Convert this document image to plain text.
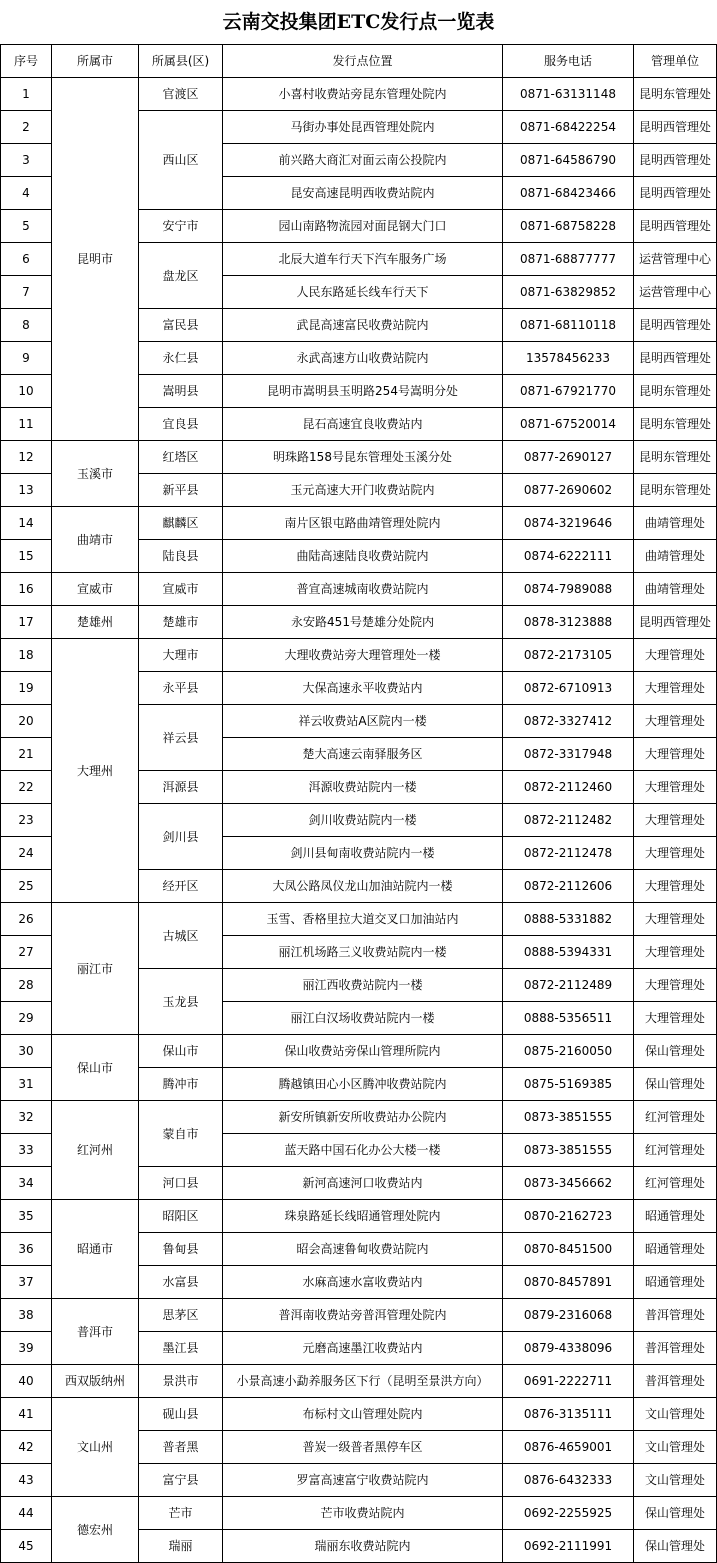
云南交投集团ETC发行点一览表
序号	所属市	所属县(区)	发行点位置	服务电话	管理单位
1	昆明市	官渡区	小喜村收费站旁昆东管理处院内	0871-63131148	昆明东管理处
2		西山区	马街办事处昆西管理处院内	0871-68422254	昆明西管理处
3			前兴路大商汇对面云南公投院内	0871-64586790	昆明西管理处
4			昆安高速昆明西收费站院内	0871-68423466	昆明西管理处
5		安宁市	园山南路物流园对面昆钢大门口	0871-68758228	昆明西管理处
6		盘龙区	北辰大道车行天下汽车服务广场	0871-68877777	运营管理中心
7			人民东路延长线车行天下	0871-63829852	运营管理中心
8		富民县	武昆高速富民收费站院内	0871-68110118	昆明西管理处
9		永仁县	永武高速方山收费站院内	13578456233	昆明西管理处
10		嵩明县	昆明市嵩明县玉明路254号嵩明分处	0871-67921770	昆明东管理处
11		宜良县	昆石高速宜良收费站内	0871-67520014	昆明东管理处
12	玉溪市	红塔区	明珠路158号昆东管理处玉溪分处	0877-2690127	昆明东管理处
13		新平县	玉元高速大开门收费站院内	0877-2690602	昆明东管理处
14	曲靖市	麒麟区	南片区银屯路曲靖管理处院内	0874-3219646	曲靖管理处
15		陆良县	曲陆高速陆良收费站院内	0874-6222111	曲靖管理处
16	宣威市	宣威市	普宣高速城南收费站院内	0874-7989088	曲靖管理处
17	楚雄州	楚雄市	永安路451号楚雄分处院内	0878-3123888	昆明西管理处
18	大理州	大理市	大理收费站旁大理管理处一楼	0872-2173105	大理管理处
19		永平县	大保高速永平收费站内	0872-6710913	大理管理处
20		祥云县	祥云收费站A区院内一楼	0872-3327412	大理管理处
21			楚大高速云南驿服务区	0872-3317948	大理管理处
22		洱源县	洱源收费站院内一楼	0872-2112460	大理管理处
23		剑川县	剑川收费站院内一楼	0872-2112482	大理管理处
24			剑川县甸南收费站院内一楼	0872-2112478	大理管理处
25		经开区	大凤公路凤仪龙山加油站院内一楼	0872-2112606	大理管理处
26	丽江市	古城区	玉雪、香格里拉大道交叉口加油站内	0888-5331882	大理管理处
27			丽江机场路三义收费站院内一楼	0888-5394331	大理管理处
28		玉龙县	丽江西收费站院内一楼	0872-2112489	大理管理处
29			丽江白汉场收费站院内一楼	0888-5356511	大理管理处
30	保山市	保山市	保山收费站旁保山管理所院内	0875-2160050	保山管理处
31		腾冲市	腾越镇田心小区腾冲收费站院内	0875-5169385	保山管理处
32	红河州	蒙自市	新安所镇新安所收费站办公院内	0873-3851555	红河管理处
33			蓝天路中国石化办公大楼一楼	0873-3851555	红河管理处
34		河口县	新河高速河口收费站内	0873-3456662	红河管理处
35	昭通市	昭阳区	珠泉路延长线昭通管理处院内	0870-2162723	昭通管理处
36		鲁甸县	昭会高速鲁甸收费站院内	0870-8451500	昭通管理处
37		水富县	水麻高速水富收费站内	0870-8457891	昭通管理处
38	普洱市	思茅区	普洱南收费站旁普洱管理处院内	0879-2316068	普洱管理处
39		墨江县	元磨高速墨江收费站内	0879-4338096	普洱管理处
40	西双版纳州	景洪市	小景高速小勐养服务区下行（昆明至景洪方向）	0691-2222711	普洱管理处
41	文山州	砚山县	布标村文山管理处院内	0876-3135111	文山管理处
42		普者黑	普炭一级普者黑停车区	0876-4659001	文山管理处
43		富宁县	罗富高速富宁收费站院内	0876-6432333	文山管理处
44	德宏州	芒市	芒市收费站院内	0692-2255925	保山管理处
45		瑞丽	瑞丽东收费站院内	0692-2111991	保山管理处
